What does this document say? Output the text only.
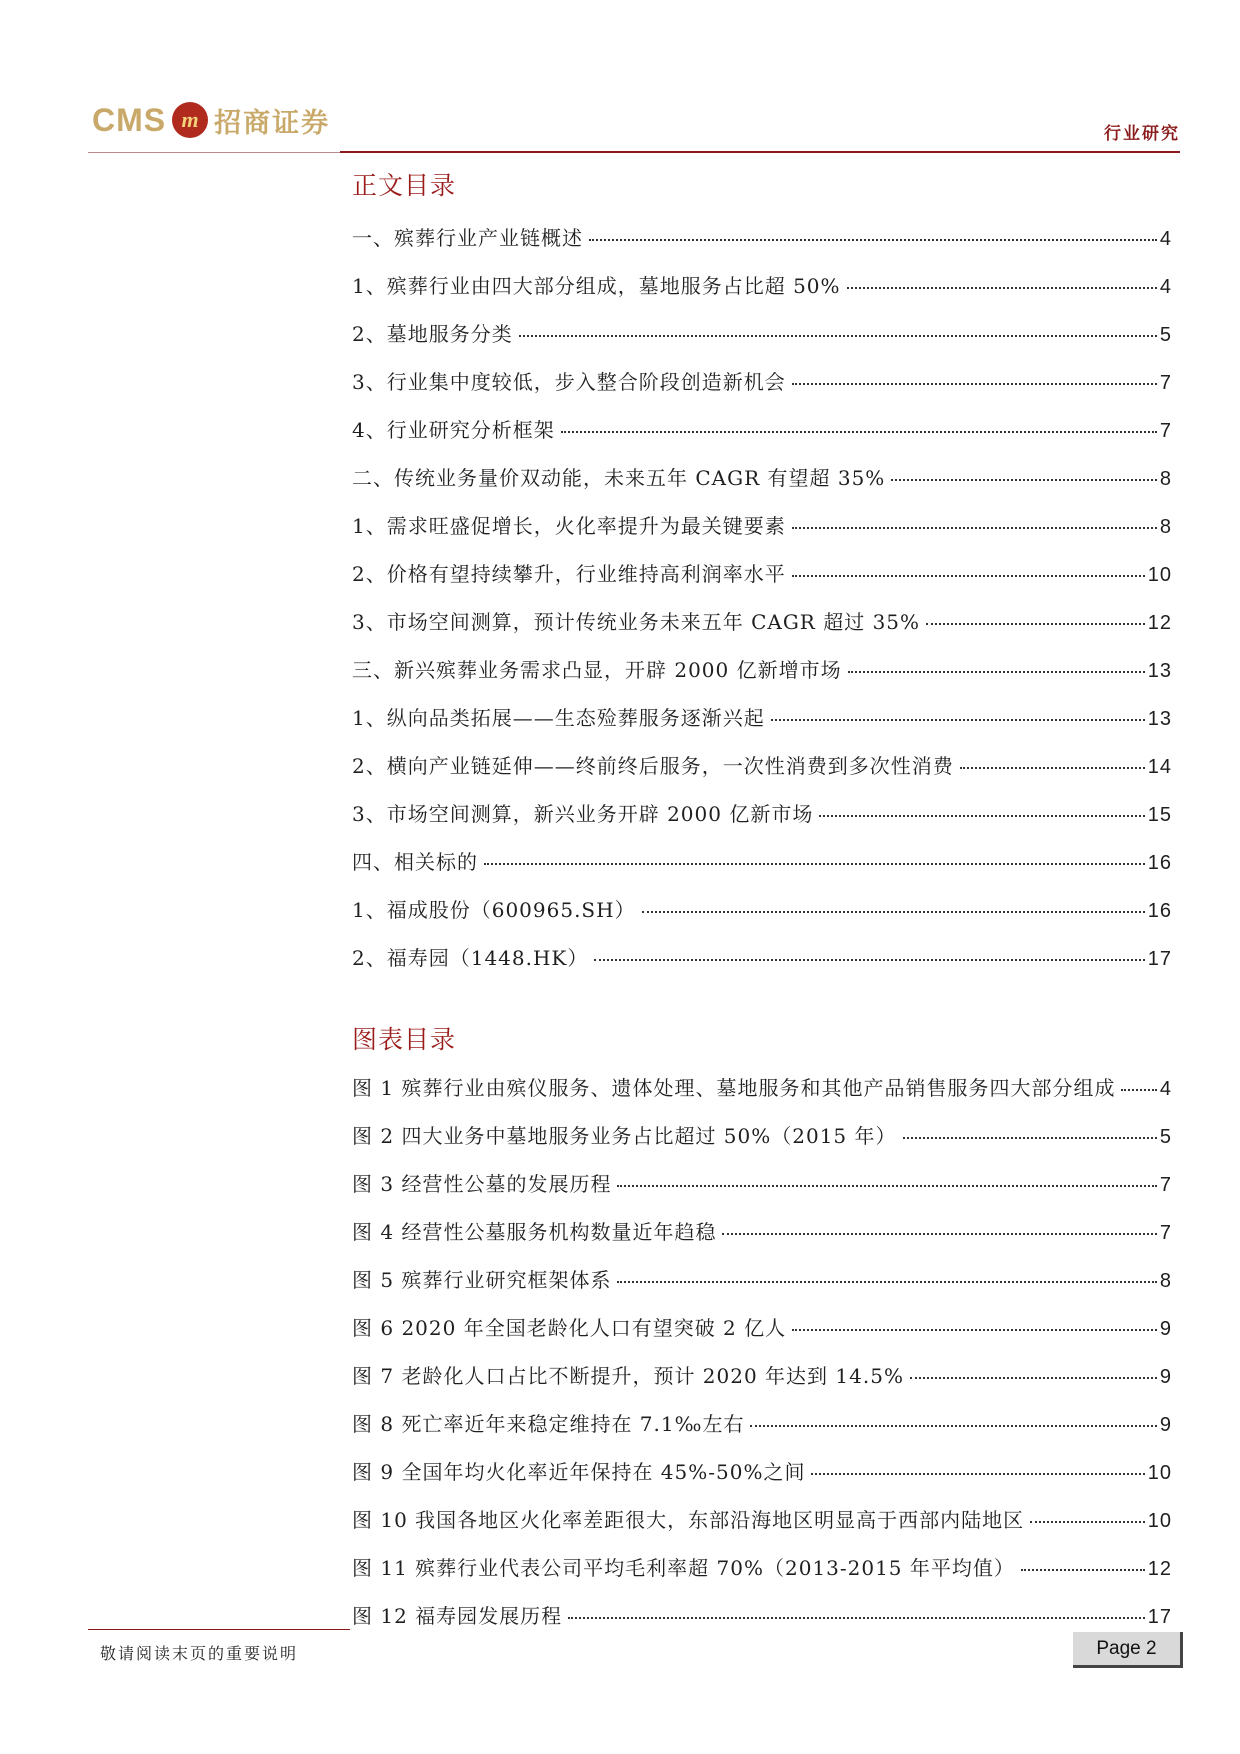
CMS m 招商证券	行业研究
正文目录
一、殡葬行业产业链概述	4
1、殡葬行业由四大部分组成，墓地服务占比超 50%	4
2、墓地服务分类	5
3、行业集中度较低，步入整合阶段创造新机会	7
4、行业研究分析框架	7
二、传统业务量价双动能，未来五年 CAGR 有望超 35%	8
1、需求旺盛促增长，火化率提升为最关键要素	8
2、价格有望持续攀升，行业维持高利润率水平	10
3、市场空间测算，预计传统业务未来五年 CAGR 超过 35%	12
三、新兴殡葬业务需求凸显，开辟 2000 亿新增市场	13
1、纵向品类拓展——生态殓葬服务逐渐兴起	13
2、横向产业链延伸——终前终后服务，一次性消费到多次性消费	14
3、市场空间测算，新兴业务开辟 2000 亿新市场	15
四、相关标的	16
1、福成股份（600965.SH）	16
2、福寿园（1448.HK）	17
图表目录
图 1 殡葬行业由殡仪服务、遗体处理、墓地服务和其他产品销售服务四大部分组成 4
图 2 四大业务中墓地服务业务占比超过 50%（2015 年）	5
图 3 经营性公墓的发展历程	7
图 4 经营性公墓服务机构数量近年趋稳	7
图 5 殡葬行业研究框架体系	8
图 6 2020 年全国老龄化人口有望突破 2 亿人	9
图 7 老龄化人口占比不断提升，预计 2020 年达到 14.5%	9
图 8 死亡率近年来稳定维持在 7.1‰左右	9
图 9 全国年均火化率近年保持在 45%-50%之间	10
图 10 我国各地区火化率差距很大，东部沿海地区明显高于西部内陆地区	10
图 11 殡葬行业代表公司平均毛利率超 70%（2013-2015 年平均值）	12
图 12 福寿园发展历程	17
敬请阅读末页的重要说明	Page 2
